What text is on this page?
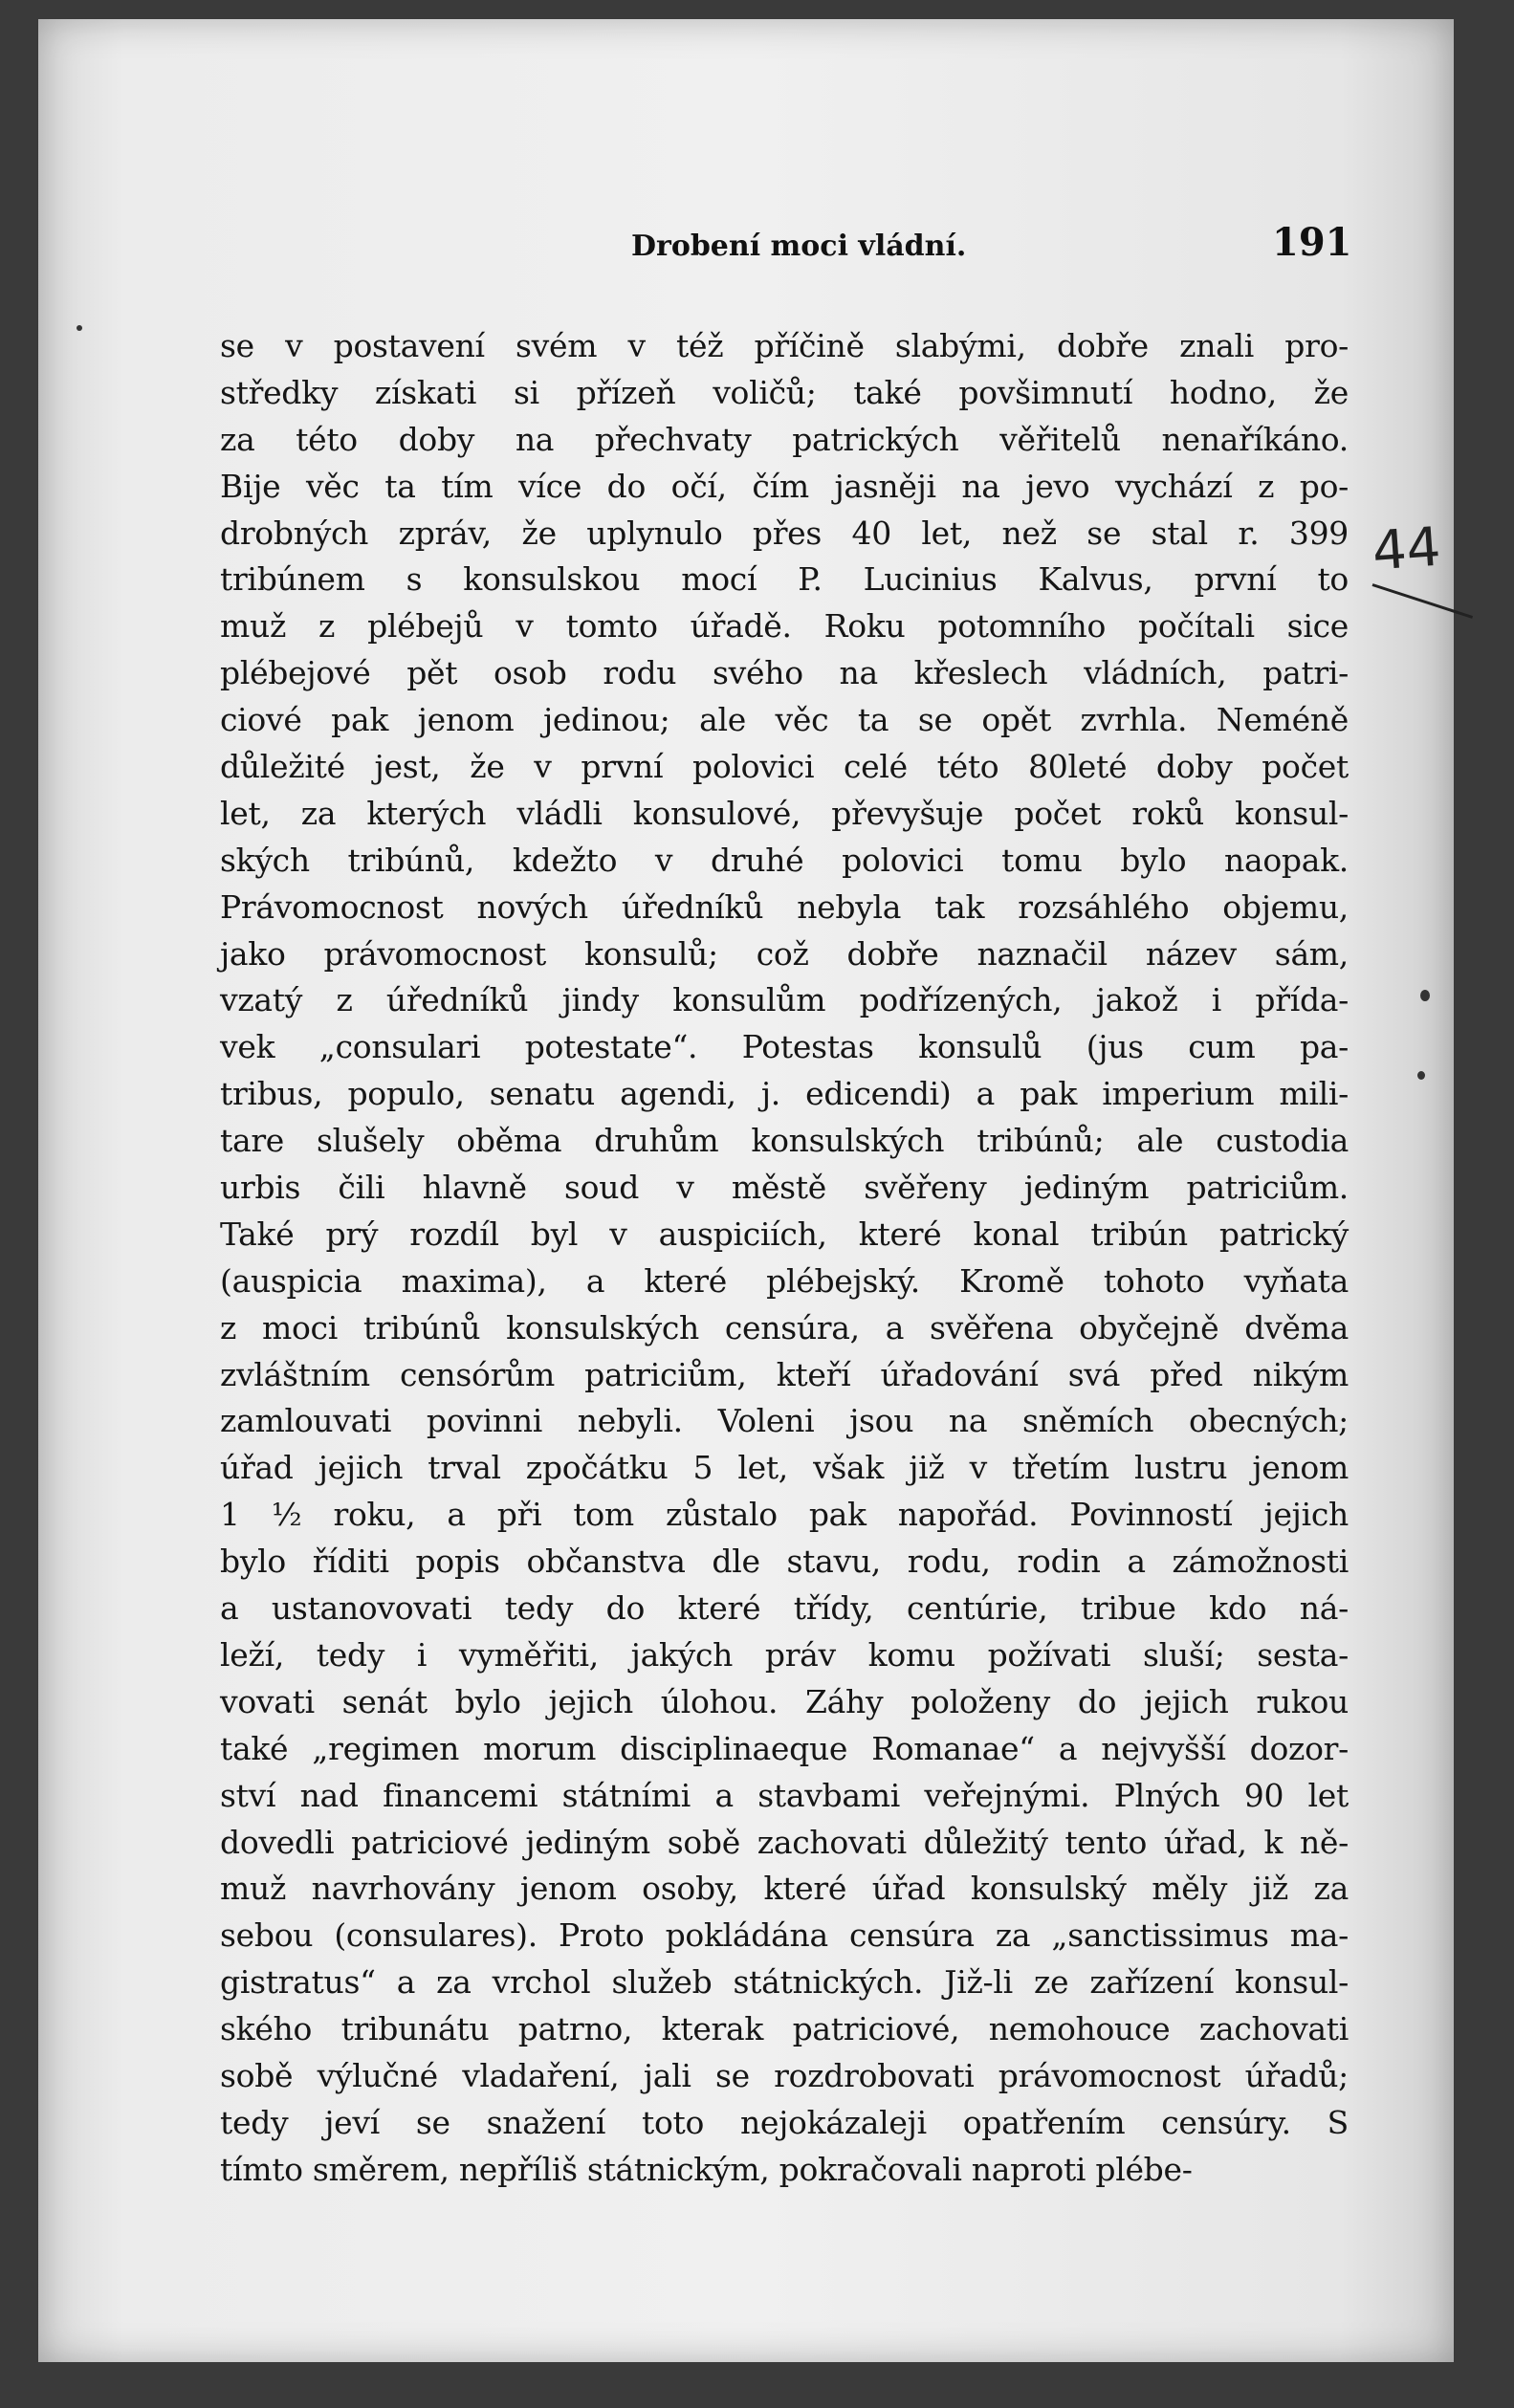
Drobení moci vládní.	191
44
se v postavení svém v též příčině slabými, dobře znali pro-
středky získati si přízeň voličů; také povšimnutí hodno, že
za této doby na přechvaty patrických věřitelů nenaříkáno.
Bije věc ta tím více do očí, čím jasněji na jevo vychází z po-
drobných zpráv, že uplynulo přes 40 let, než se stal r. 399
tribúnem s konsulskou mocí P. Lucinius Kalvus, první to
muž z plébejů v tomto úřadě. Roku potomního počítali sice
plébejové pět osob rodu svého na křeslech vládních, patri-
ciové pak jenom jedinou; ale věc ta se opět zvrhla. Neméně
důležité jest, že v první polovici celé této 80leté doby počet
let, za kterých vládli konsulové, převyšuje počet roků konsul-
ských tribúnů, kdežto v druhé polovici tomu bylo naopak.
Právomocnost nových úředníků nebyla tak rozsáhlého objemu,
jako právomocnost konsulů; což dobře naznačil název sám,
vzatý z úředníků jindy konsulům podřízených, jakož i přída-
vek „consulari potestate“. Potestas konsulů (jus cum pa-
tribus, populo, senatu agendi, j. edicendi) a pak imperium mili-
tare slušely oběma druhům konsulských tribúnů; ale custodia
urbis čili hlavně soud v městě svěřeny jediným patriciům.
Také prý rozdíl byl v auspiciích, které konal tribún patrický
(auspicia maxima), a které plébejský. Kromě tohoto vyňata
z moci tribúnů konsulských censúra, a svěřena obyčejně dvěma
zvláštním censórům patriciům, kteří úřadování svá před nikým
zamlouvati povinni nebyli. Voleni jsou na sněmích obecných;
úřad jejich trval zpočátku 5 let, však již v třetím lustru jenom
1 ½ roku, a při tom zůstalo pak napořád. Povinností jejich
bylo říditi popis občanstva dle stavu, rodu, rodin a zámožnosti
a ustanovovati tedy do které třídy, centúrie, tribue kdo ná-
leží, tedy i vyměřiti, jakých práv komu požívati sluší; sesta-
vovati senát bylo jejich úlohou. Záhy položeny do jejich rukou
také „regimen morum disciplinaeque Romanae“ a nejvyšší dozor-
ství nad financemi státními a stavbami veřejnými. Plných 90 let
dovedli patriciové jediným sobě zachovati důležitý tento úřad, k ně-
muž navrhovány jenom osoby, které úřad konsulský měly již za
sebou (consulares). Proto pokládána censúra za „sanctissimus ma-
gistratus“ a za vrchol služeb státnických. Již-li ze zařízení konsul-
ského tribunátu patrno, kterak patriciové, nemohouce zachovati
sobě výlučné vladaření, jali se rozdrobovati právomocnost úřadů;
tedy jeví se snažení toto nejokázaleji opatřením censúry. S
tímto směrem, nepříliš státnickým, pokračovali naproti plébe-
